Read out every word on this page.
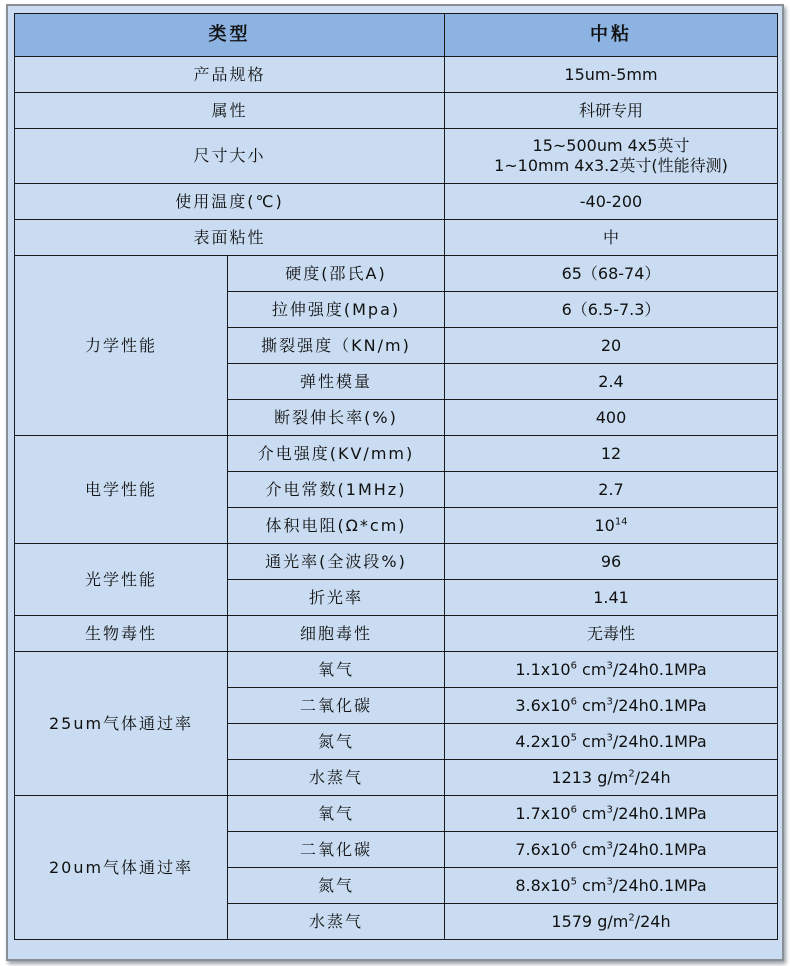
类型		中粘
产品规格		15um-5mm
属性		科研专用
尺寸大小		15~500um 4x5英寸
1~10mm 4x3.2英寸(性能待测)

使用温度(℃)		-40-200
表面粘性		中
力学性能	硬度(邵氏A)	65（68-74）
	拉伸强度(Mpa)	6（6.5-7.3）
	撕裂强度（KN/m)	20
	弹性模量	2.4
	断裂伸长率(%)	400
电学性能	介电强度(KV/mm)	12
	介电常数(1MHz)	2.7
	体积电阻(Ω*cm)	$10^{14}$
光学性能	通光率(全波段%)	96
	折光率	1.41
生物毒性	细胞毒性	无毒性
25um气体通过率	氧气	$1.1x10^6$ $cm^3/24h0.1MPa$
	二氧化碳	$3.6x10^6$ $cm^3/24h0.1MPa$
	氮气	$4.2x10^5$ $cm^3/24h0.1MPa$
	水蒸气	1213 $g/m^2/24h$
20um气体通过率	氧气	$1.7x10^6$ $cm^3/24h0.1MPa$
	二氧化碳	$7.6x10^6$ $cm^3/24h0.1MPa$
	氮气	$8.8x10^5$ $cm^3/24h0.1MPa$
	水蒸气	1579 $g/m^2/24h$
